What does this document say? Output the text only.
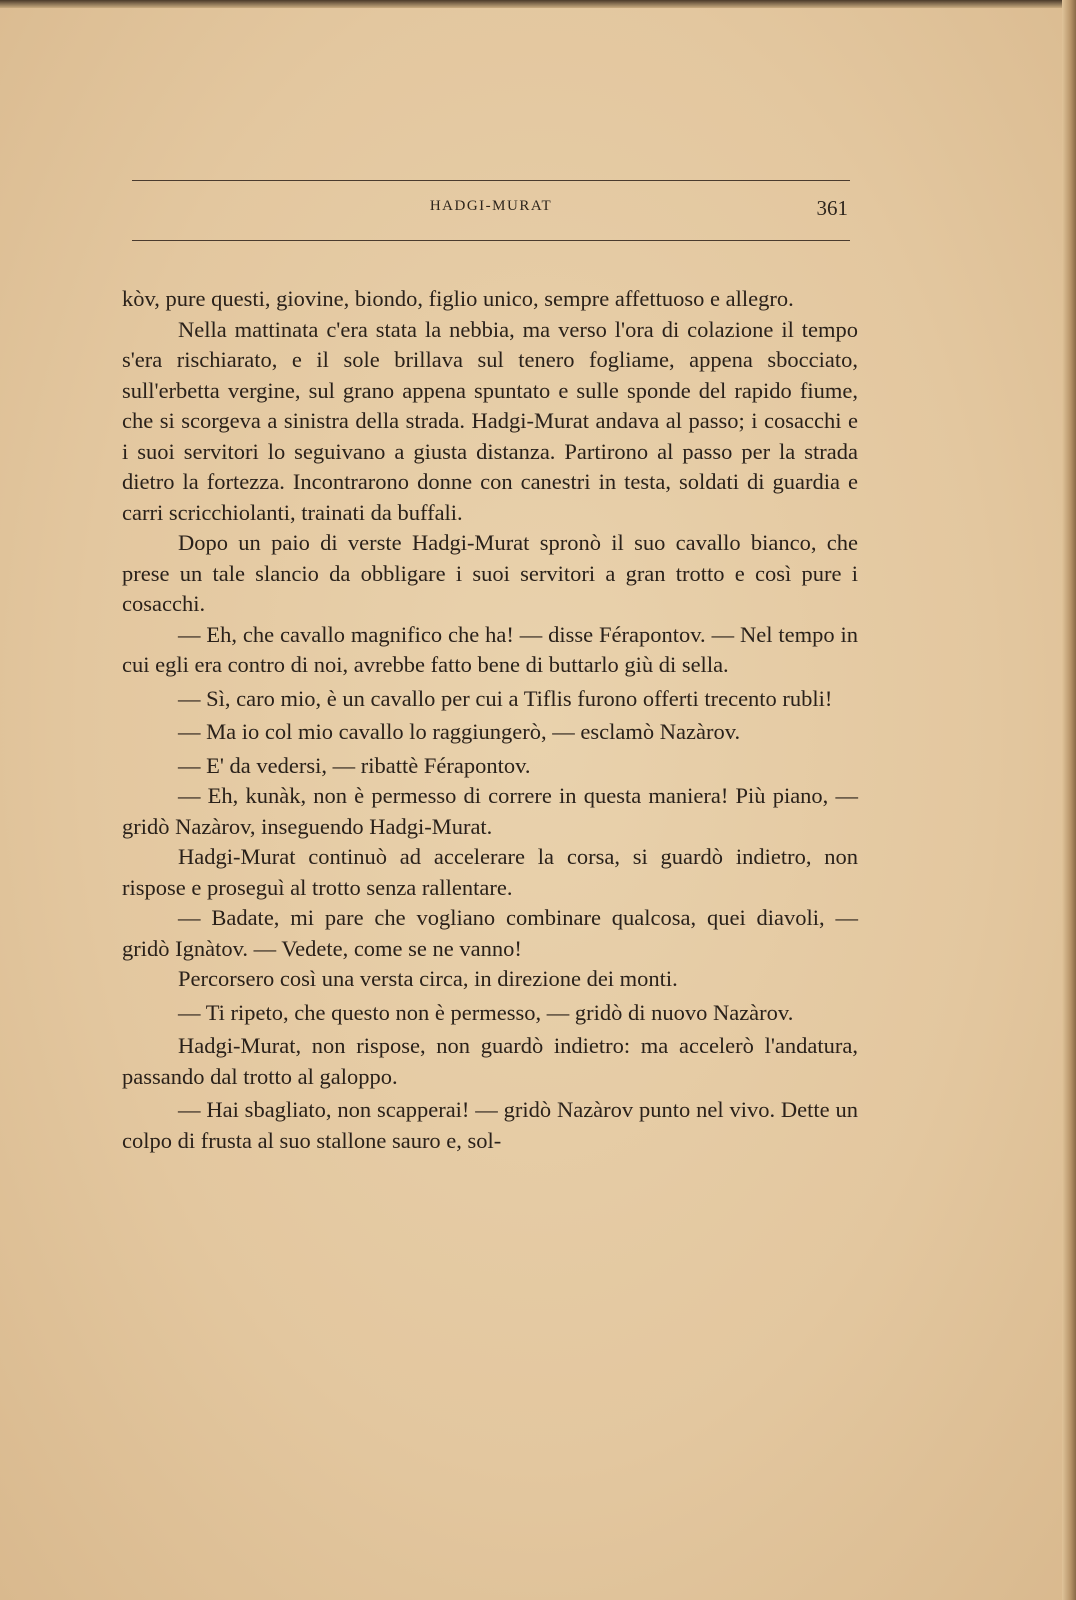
HADGI-MURAT	361

kòv, pure questi, giovine, biondo, figlio unico, sempre affettuoso e allegro.

Nella mattinata c'era stata la nebbia, ma verso l'ora di colazione il tempo s'era rischiarato, e il sole brillava sul tenero fogliame, appena sbocciato, sull'erbetta vergine, sul grano appena spuntato e sulle sponde del rapido fiume, che si scorgeva a sinistra della strada. Hadgi-Murat andava al passo; i cosacchi e i suoi servitori lo seguivano a giusta distanza. Partirono al passo per la strada dietro la fortezza. Incontrarono donne con canestri in testa, soldati di guardia e carri scricchiolanti, trainati da buffali.

Dopo un paio di verste Hadgi-Murat spronò il suo cavallo bianco, che prese un tale slancio da obbligare i suoi servitori a gran trotto e così pure i cosacchi.

— Eh, che cavallo magnifico che ha! — disse Férapontov. — Nel tempo in cui egli era contro di noi, avrebbe fatto bene di buttarlo giù di sella.

— Sì, caro mio, è un cavallo per cui a Tiflis furono offerti trecento rubli!

— Ma io col mio cavallo lo raggiungerò, — esclamò Nazàrov.

— E' da vedersi, — ribattè Férapontov.

— Eh, kunàk, non è permesso di correre in questa maniera! Più piano, — gridò Nazàrov, inseguendo Hadgi-Murat.

Hadgi-Murat continuò ad accelerare la corsa, si guardò indietro, non rispose e proseguì al trotto senza rallentare.

— Badate, mi pare che vogliano combinare qualcosa, quei diavoli, — gridò Ignàtov. — Vedete, come se ne vanno!

Percorsero così una versta circa, in direzione dei monti.

— Ti ripeto, che questo non è permesso, — gridò di nuovo Nazàrov.

Hadgi-Murat, non rispose, non guardò indietro: ma accelerò l'andatura, passando dal trotto al galoppo.

— Hai sbagliato, non scapperai! — gridò Nazàrov punto nel vivo. Dette un colpo di frusta al suo stallone sauro e, sol-
